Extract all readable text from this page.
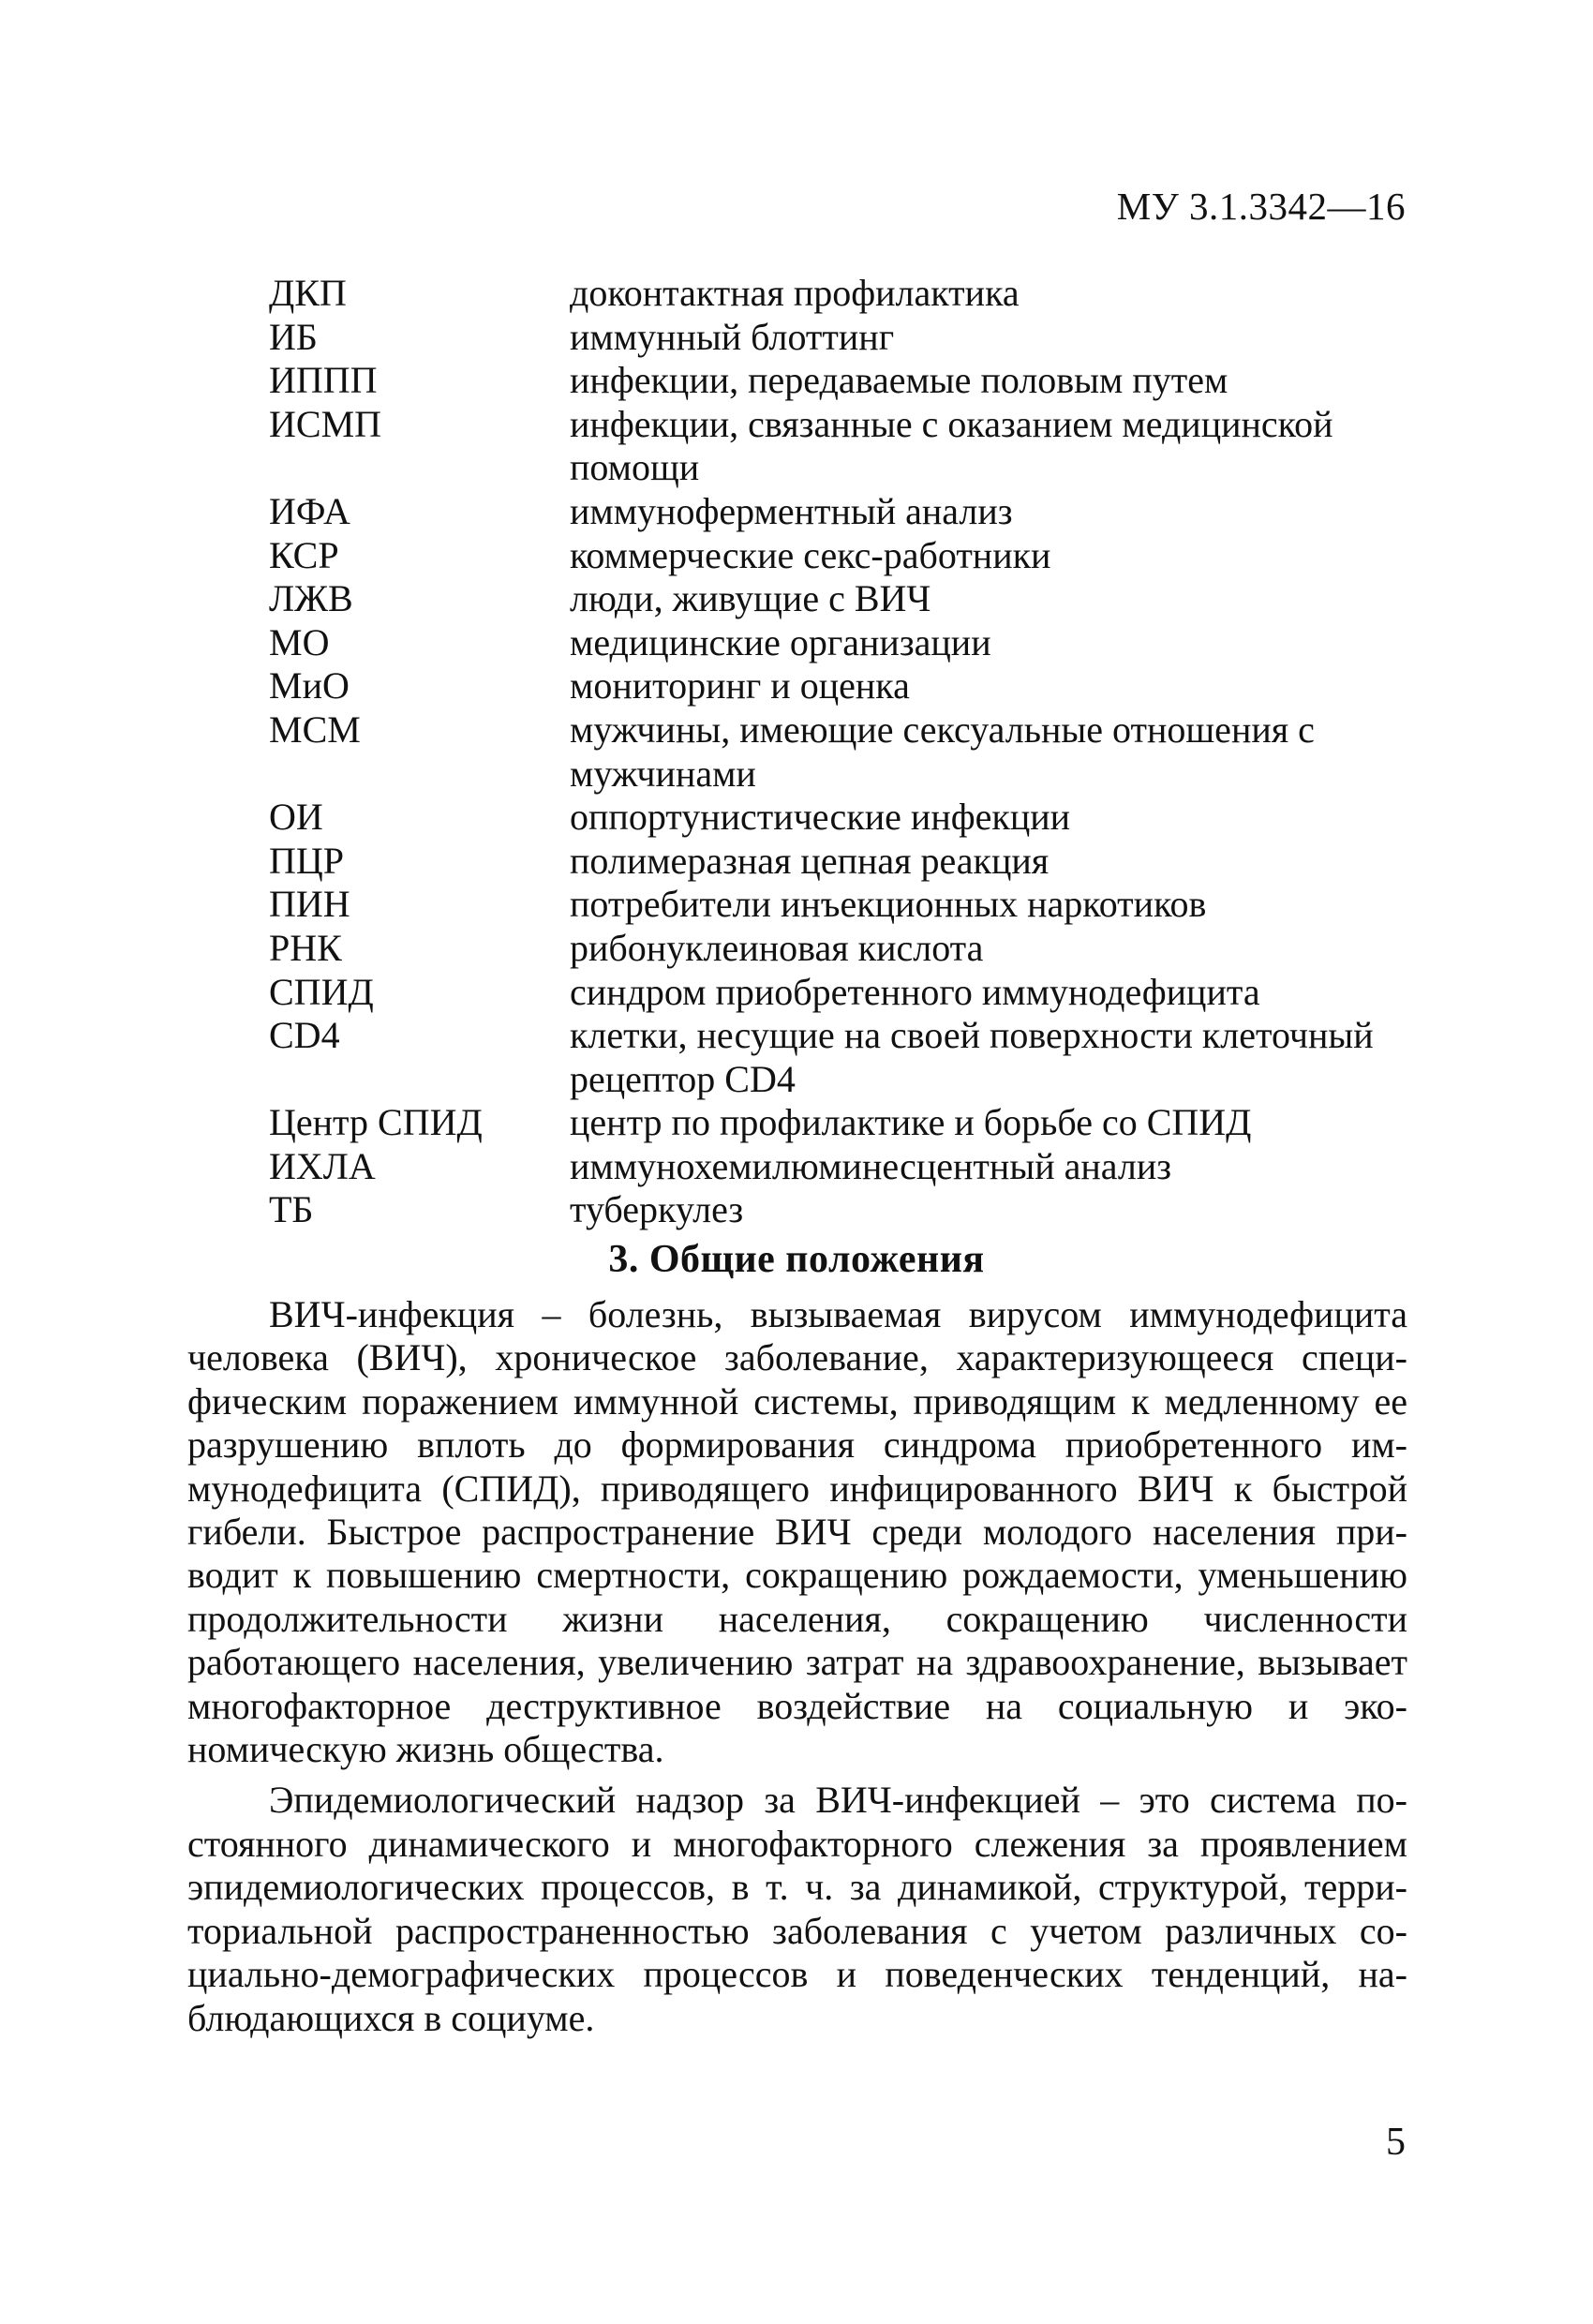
МУ 3.1.3342—16
ДКП	доконтактная профилактика
ИБ	иммунный блоттинг
ИППП	инфекции, передаваемые половым путем
ИСМП	инфекции, связанные с оказанием медицинской помощи
ИФА	иммуноферментный анализ
КСР	коммерческие секс-работники
ЛЖВ	люди, живущие с ВИЧ
МО	медицинские организации
МиО	мониторинг и оценка
МСМ	мужчины, имеющие сексуальные отношения с мужчинами
ОИ	оппортунистические инфекции
ПЦР	полимеразная цепная реакция
ПИН	потребители инъекционных наркотиков
РНК	рибонуклеиновая кислота
СПИД	синдром приобретенного иммунодефицита
CD4	клетки, несущие на своей поверхности клеточный рецептор CD4
Центр СПИД	центр по профилактике и борьбе со СПИД
ИХЛА	иммунохемилюминесцентный анализ
ТБ	туберкулез
3. Общие положения

ВИЧ-инфекция – болезнь, вызываемая вирусом иммунодефицита человека (ВИЧ), хроническое заболевание, характеризующееся специфическим поражением иммунной системы, приводящим к медленному ее разрушению вплоть до формирования синдрома приобретенного иммунодефицита (СПИД), приводящего инфицированного ВИЧ к быстрой гибели. Быстрое распространение ВИЧ среди молодого населения приводит к повышению смертности, сокращению рождаемости, уменьшению продолжительности жизни населения, сокращению численности работающего населения, увеличению затрат на здравоохранение, вызывает многофакторное деструктивное воздействие на социальную и экономическую жизнь общества.

Эпидемиологический надзор за ВИЧ-инфекцией – это система постоянного динамического и многофакторного слежения за проявлением эпидемиологических процессов, в т. ч. за динамикой, структурой, территориальной распространенностью заболевания с учетом различных социально-демографических процессов и поведенческих тенденций, наблюдающихся в социуме.

5
